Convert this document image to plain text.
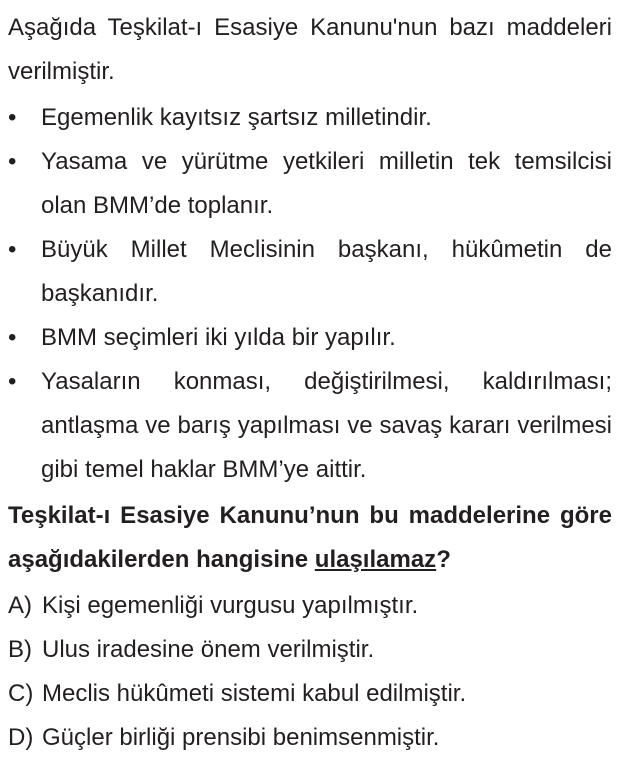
Aşağıda Teşkilat-ı Esasiye Kanunu'nun bazı maddeleri verilmiştir.

•	Egemenlik kayıtsız şartsız milletindir.
•	Yasama ve yürütme yetkileri milletin tek temsilcisi olan BMM’de toplanır.
•	Büyük Millet Meclisinin başkanı, hükûmetin de başkanıdır.
•	BMM seçimleri iki yılda bir yapılır.
•	Yasaların konması, değiştirilmesi, kaldırılması; antlaşma ve barış yapılması ve savaş kararı verilmesi gibi temel haklar BMM’ye aittir.

Teşkilat-ı Esasiye Kanunu’nun bu maddelerine göre aşağıdakilerden hangisine ulaşılamaz?

A) Kişi egemenliği vurgusu yapılmıştır.
B) Ulus iradesine önem verilmiştir.
C) Meclis hükûmeti sistemi kabul edilmiştir.
D) Güçler birliği prensibi benimsenmiştir.
